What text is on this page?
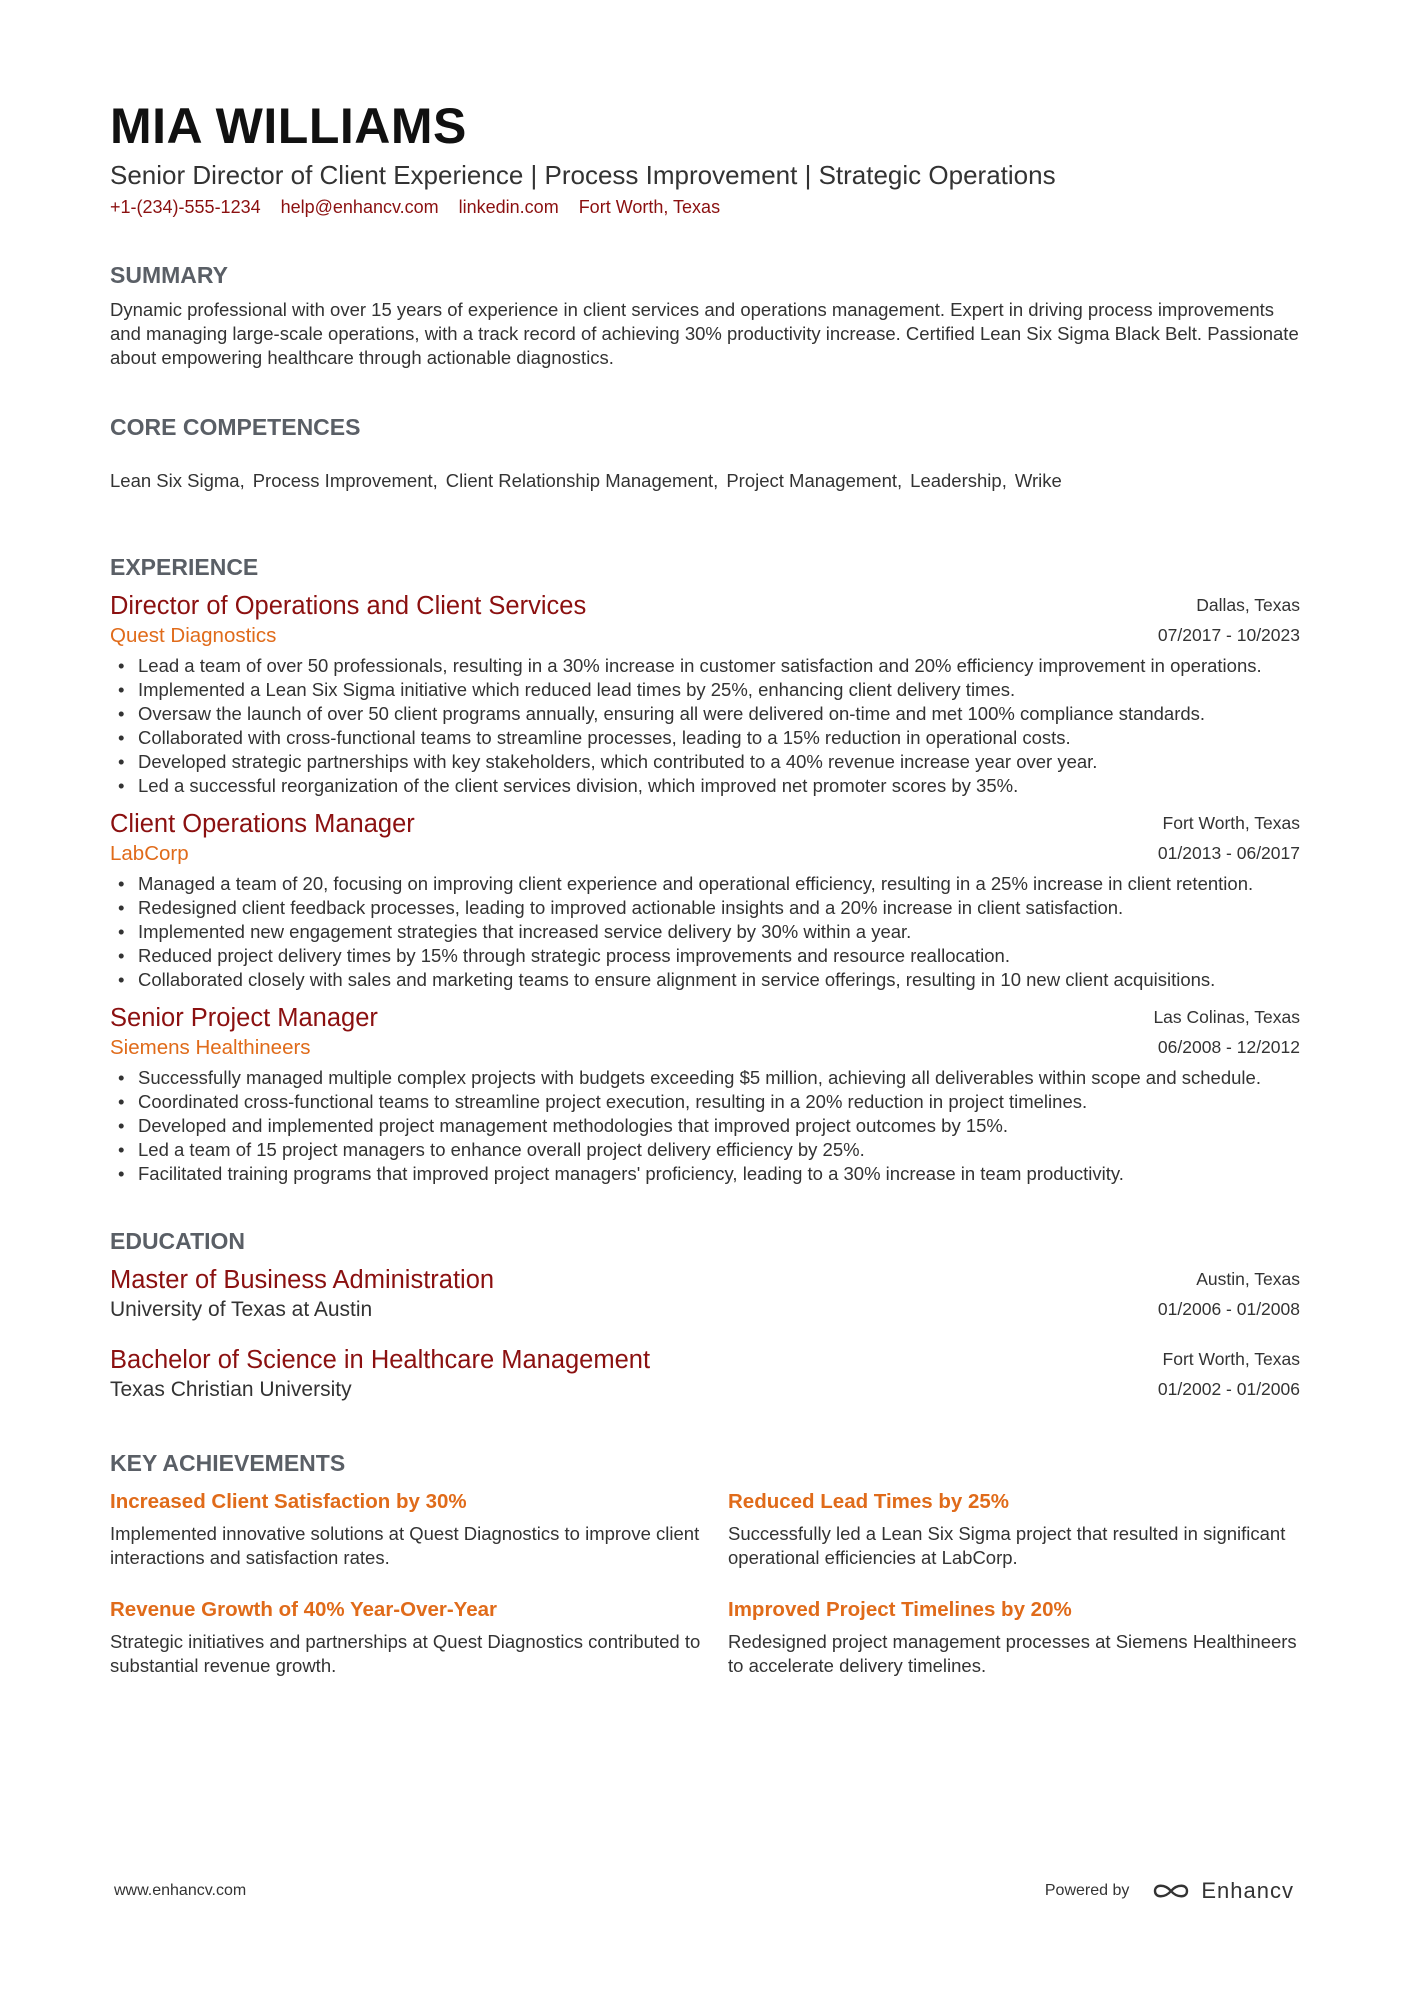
MIA WILLIAMS
Senior Director of Client Experience | Process Improvement | Strategic Operations
+1-(234)-555-1234 help@enhancv.com linkedin.com Fort Worth, Texas
SUMMARY

Dynamic professional with over 15 years of experience in client services and operations management. Expert in driving process improvements and managing large-scale operations, with a track record of achieving 30% productivity increase. Certified Lean Six Sigma Black Belt. Passionate about empowering healthcare through actionable diagnostics.

CORE COMPETENCES
Lean Six Sigma, Process Improvement, Client Relationship Management, Project Management, Leadership, Wrike
EXPERIENCE
Director of Operations and Client Services
Quest Diagnostics
Dallas, Texas
07/2017 - 10/2023
• Lead a team of over 50 professionals, resulting in a 30% increase in customer satisfaction and 20% efficiency improvement in operations.
• Implemented a Lean Six Sigma initiative which reduced lead times by 25%, enhancing client delivery times.
• Oversaw the launch of over 50 client programs annually, ensuring all were delivered on-time and met 100% compliance standards.
• Collaborated with cross-functional teams to streamline processes, leading to a 15% reduction in operational costs.
• Developed strategic partnerships with key stakeholders, which contributed to a 40% revenue increase year over year.
• Led a successful reorganization of the client services division, which improved net promoter scores by 35%.
Client Operations Manager
LabCorp
Fort Worth, Texas
01/2013 - 06/2017
• Managed a team of 20, focusing on improving client experience and operational efficiency, resulting in a 25% increase in client retention.
• Redesigned client feedback processes, leading to improved actionable insights and a 20% increase in client satisfaction.
• Implemented new engagement strategies that increased service delivery by 30% within a year.
• Reduced project delivery times by 15% through strategic process improvements and resource reallocation.
• Collaborated closely with sales and marketing teams to ensure alignment in service offerings, resulting in 10 new client acquisitions.
Senior Project Manager
Siemens Healthineers
Las Colinas, Texas
06/2008 - 12/2012
• Successfully managed multiple complex projects with budgets exceeding $5 million, achieving all deliverables within scope and schedule.
• Coordinated cross-functional teams to streamline project execution, resulting in a 20% reduction in project timelines.
• Developed and implemented project management methodologies that improved project outcomes by 15%.
• Led a team of 15 project managers to enhance overall project delivery efficiency by 25%.
• Facilitated training programs that improved project managers' proficiency, leading to a 30% increase in team productivity.
EDUCATION
Master of Business Administration
University of Texas at Austin
Austin, Texas
01/2006 - 01/2008
Bachelor of Science in Healthcare Management
Texas Christian University
Fort Worth, Texas
01/2002 - 01/2006
KEY ACHIEVEMENTS
Increased Client Satisfaction by 30%
Implemented innovative solutions at Quest Diagnostics to improve client interactions and satisfaction rates.
Reduced Lead Times by 25%
Successfully led a Lean Six Sigma project that resulted in significant operational efficiencies at LabCorp.
Revenue Growth of 40% Year-Over-Year
Strategic initiatives and partnerships at Quest Diagnostics contributed to substantial revenue growth.
Improved Project Timelines by 20%
Redesigned project management processes at Siemens Healthineers to accelerate delivery timelines.
www.enhancv.com	Powered by	Enhancv
